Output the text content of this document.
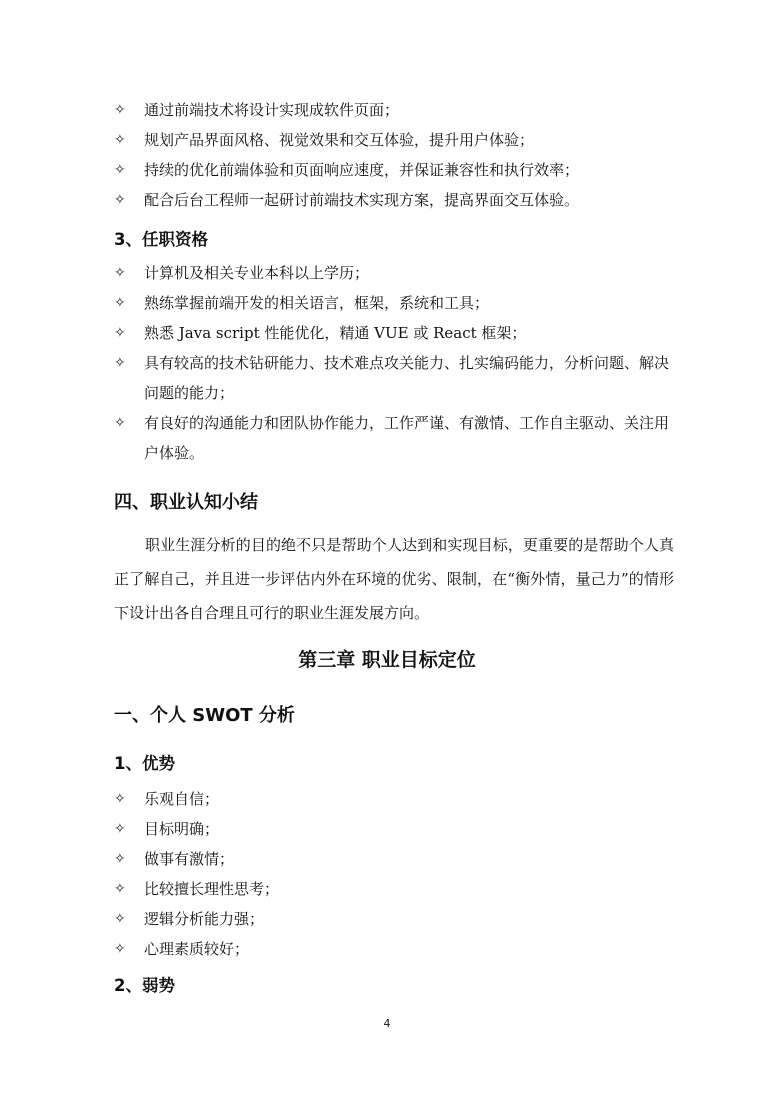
✧ 通过前端技术将设计实现成软件页面；
✧ 规划产品界面风格、视觉效果和交互体验，提升用户体验；
✧ 持续的优化前端体验和页面响应速度，并保证兼容性和执行效率；
✧ 配合后台工程师一起研讨前端技术实现方案，提高界面交互体验。
3、任职资格
✧ 计算机及相关专业本科以上学历；
✧ 熟练掌握前端开发的相关语言，框架，系统和工具；
✧ 熟悉 Java script 性能优化，精通 VUE 或 React 框架；
✧ 具有较高的技术钻研能力、技术难点攻关能力、扎实编码能力，分析问题、解决问题的能力；
✧ 有良好的沟通能力和团队协作能力，工作严谨、有激情、工作自主驱动、关注用户体验。
四、职业认知小结
职业生涯分析的目的绝不只是帮助个人达到和实现目标，更重要的是帮助个人真正了解自己，并且进一步评估内外在环境的优劣、限制，在“衡外情，量己力”的情形下设计出各自合理且可行的职业生涯发展方向。
第三章 职业目标定位
一、个人 SWOT 分析
1、优势
✧ 乐观自信；
✧ 目标明确；
✧ 做事有激情；
✧ 比较擅长理性思考；
✧ 逻辑分析能力强；
✧ 心理素质较好；
2、弱势
4
